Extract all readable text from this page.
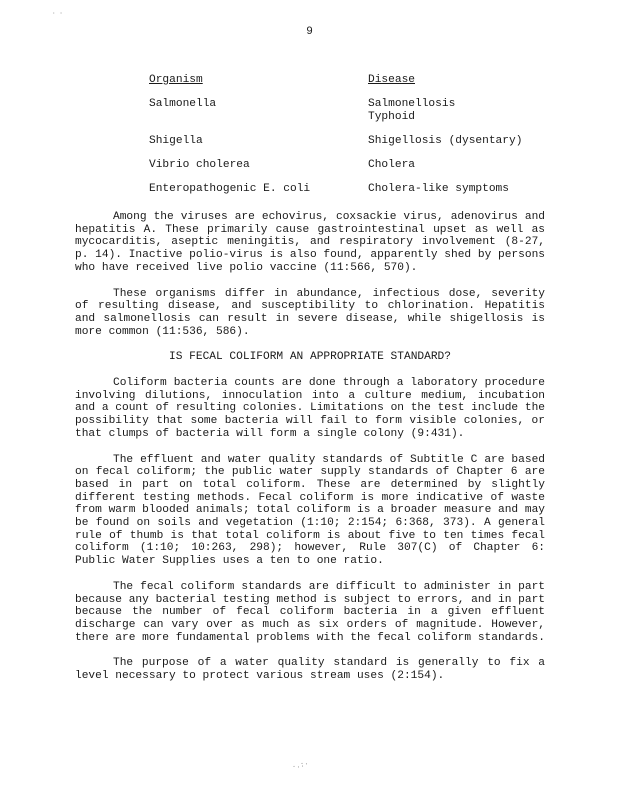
· ·
9
Organism	Disease
Salmonella	Salmonellosis
Typhoid
Shigella	Shigellosis (dysentary)
Vibrio cholerea	Cholera
Enteropathogenic E. coli	Cholera-like symptoms

Among the viruses are echovirus, coxsackie virus, adenovirus and hepatitis A. These primarily cause gastrointestinal upset as well as mycocarditis, aseptic meningitis, and respiratory involvement (8-27, p. 14). Inactive polio-virus is also found, apparently shed by persons who have received live polio vaccine (11:566, 570).

These organisms differ in abundance, infectious dose, severity of resulting disease, and susceptibility to chlorination. Hepatitis and salmonellosis can result in severe disease, while shigellosis is more common (11:536, 586).

IS FECAL COLIFORM AN APPROPRIATE STANDARD?

Coliform bacteria counts are done through a laboratory procedure involving dilutions, innoculation into a culture medium, incubation and a count of resulting colonies. Limitations on the test include the possibility that some bacteria will fail to form visible colonies, or that clumps of bacteria will form a single colony (9:431).

The effluent and water quality standards of Subtitle C are based on fecal coliform; the public water supply standards of Chapter 6 are based in part on total coliform. These are determined by slightly different testing methods. Fecal coliform is more indicative of waste from warm blooded animals; total coliform is a broader measure and may be found on soils and vegetation (1:10; 2:154; 6:368, 373). A general rule of thumb is that total coliform is about five to ten times fecal coliform (1:10; 10:263, 298); however, Rule 307(C) of Chapter 6: Public Water Supplies uses a ten to one ratio.

The fecal coliform standards are difficult to administer in part because any bacterial testing method is subject to errors, and in part because the number of fecal coliform bacteria in a given effluent discharge can vary over as much as six orders of magnitude. However, there are more fundamental problems with the fecal coliform standards.

The purpose of a water quality standard is generally to fix a level necessary to protect various stream uses (2:154).

·.:·
